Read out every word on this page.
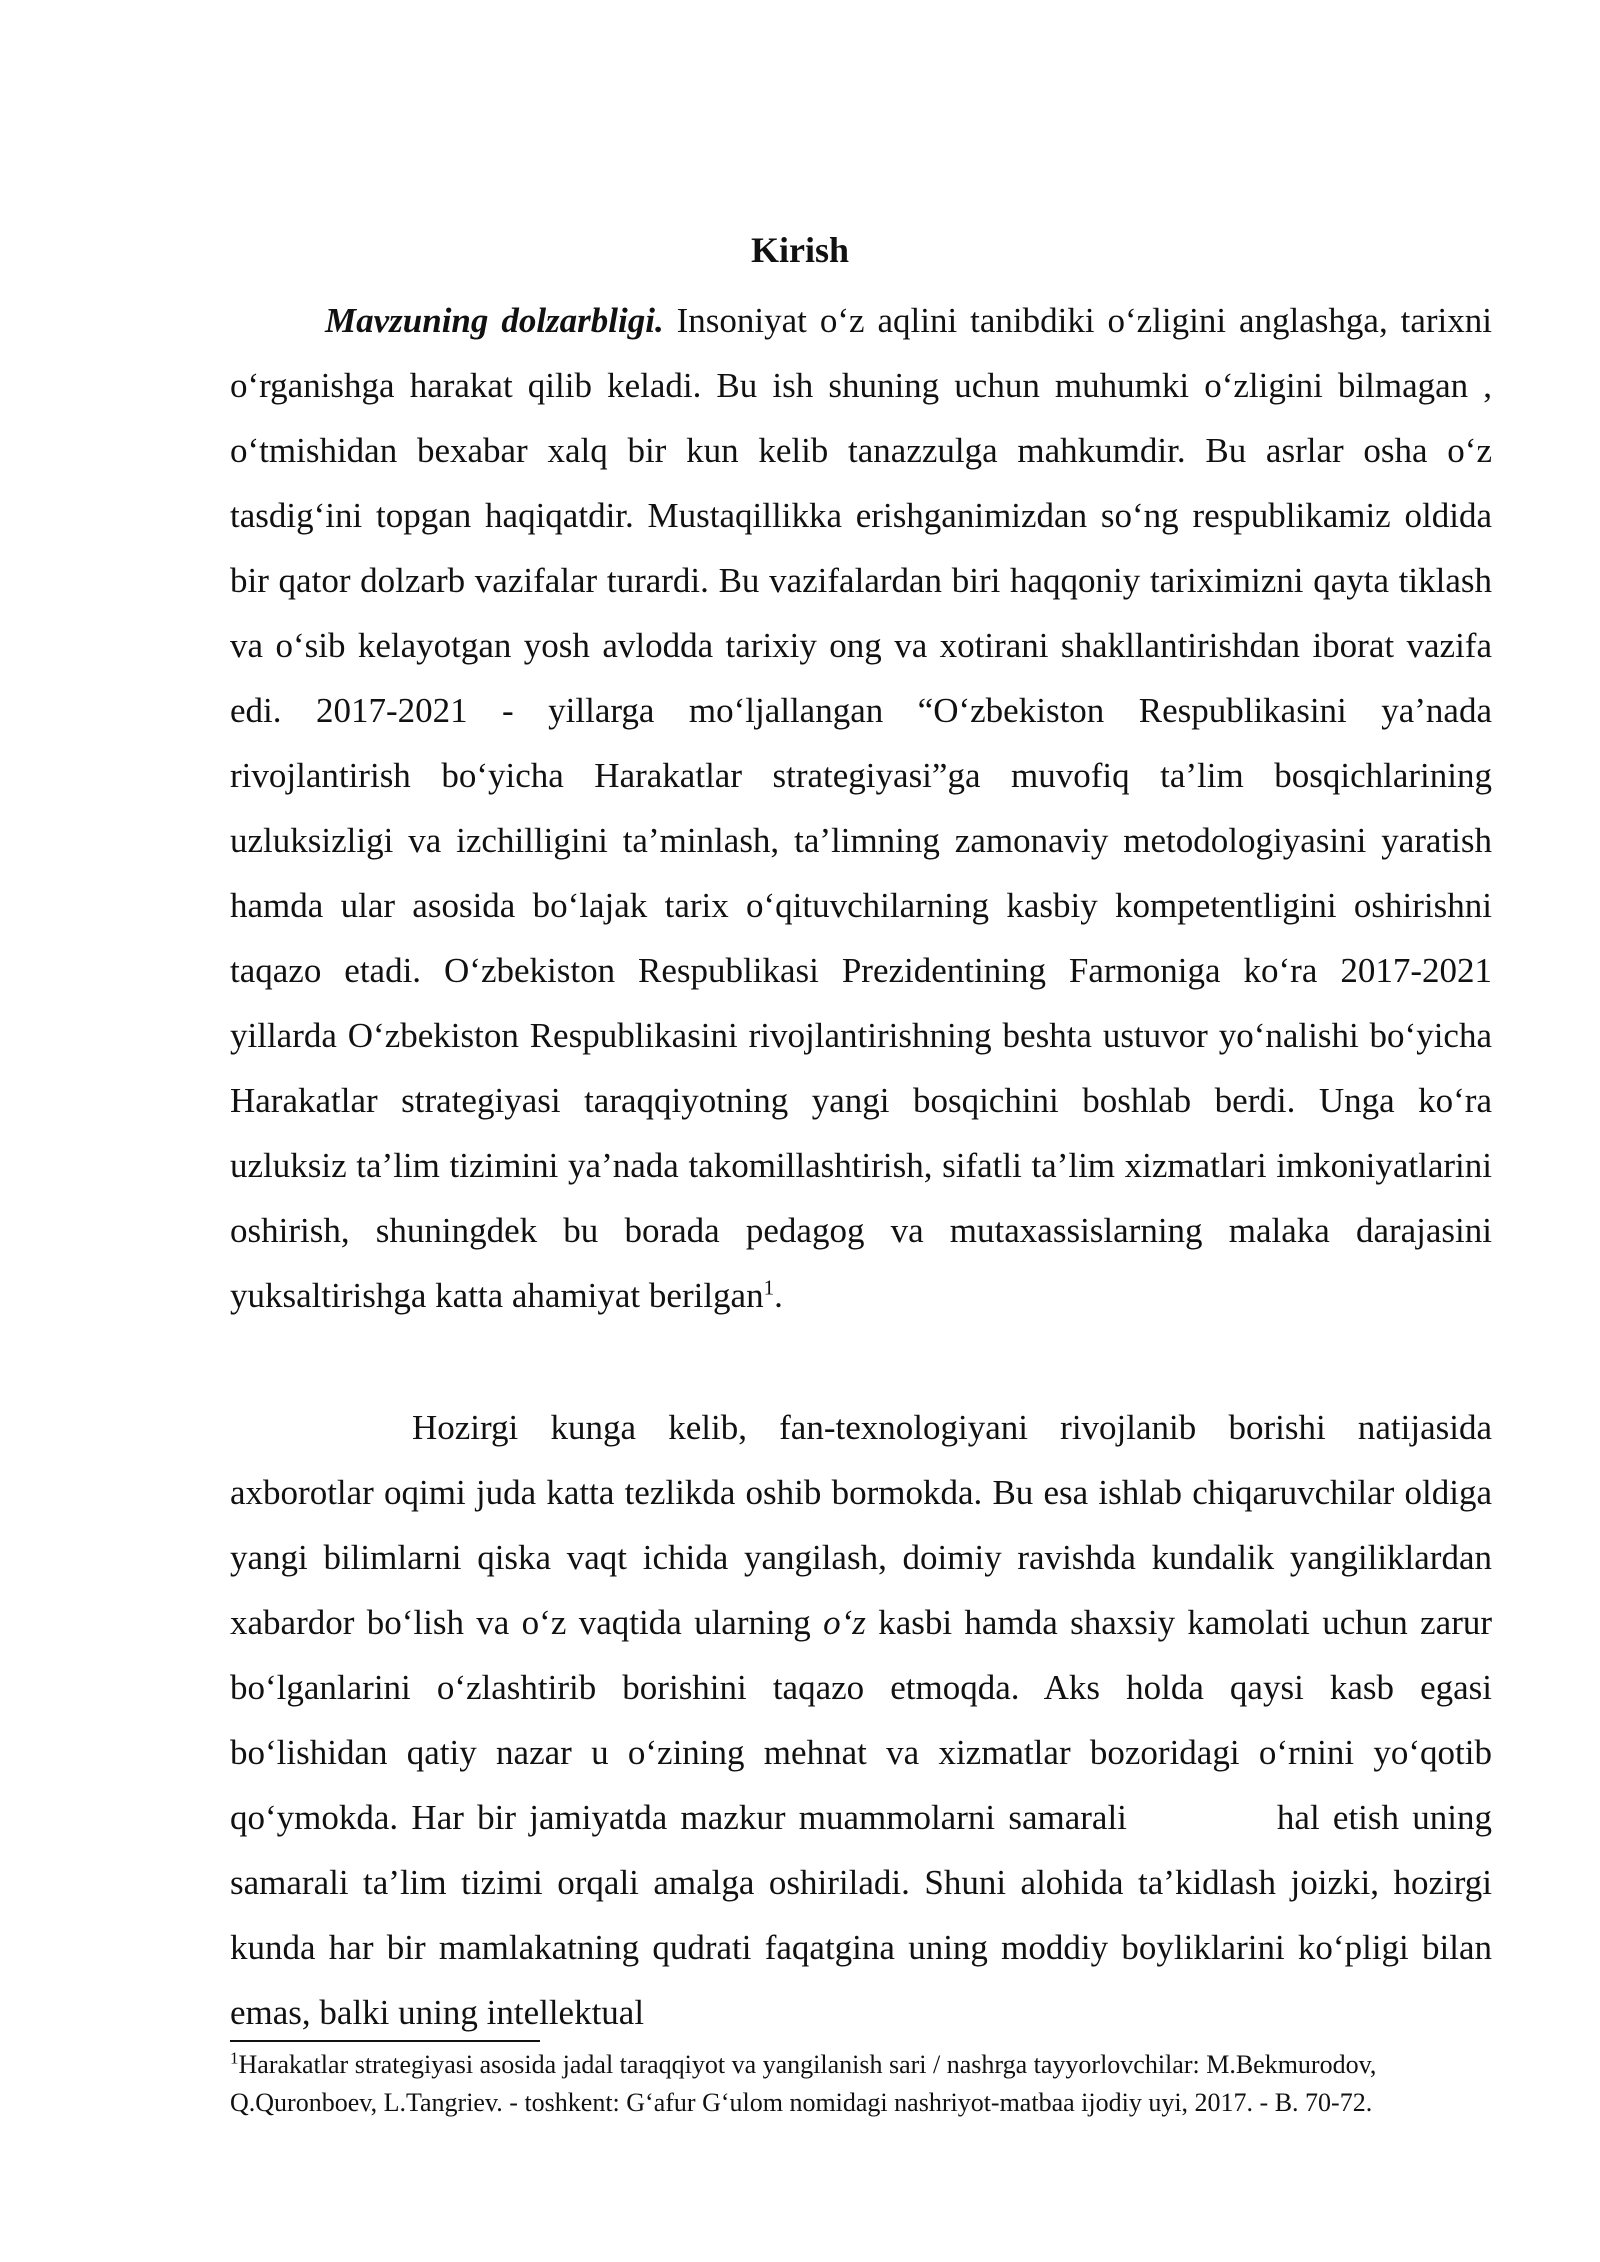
Kirish

Mavzuning dolzarbligi. Insoniyat o‘z aqlini tanibdiki o‘zligini anglashga, tarixni o‘rganishga harakat qilib keladi. Bu ish shuning uchun muhumki o‘zligini bilmagan , o‘tmishidan bexabar xalq bir kun kelib tanazzulga mahkumdir. Bu asrlar osha o‘z tasdig‘ini topgan haqiqatdir. Mustaqillikka erishganimizdan so‘ng respublikamiz oldida bir qator dolzarb vazifalar turardi. Bu vazifalardan biri haqqoniy tariximizni qayta tiklash va o‘sib kelayotgan yosh avlodda tarixiy ong va xotirani shakllantirishdan iborat vazifa edi. 2017-2021 - yillarga mo‘ljallangan “O‘zbekiston Respublikasini ya’nada rivojlantirish bo‘yicha Harakatlar strategiyasi”ga muvofiq ta’lim bosqichlarining uzluksizligi va izchilligini ta’minlash, ta’limning zamonaviy metodologiyasini yaratish hamda ular asosida bo‘lajak tarix o‘qituvchilarning kasbiy kompetentligini oshirishni taqazo etadi. O‘zbekiston Respublikasi Prezidentining Farmoniga ko‘ra 2017-2021 yillarda O‘zbekiston Respublikasini rivojlantirishning beshta ustuvor yo‘nalishi bo‘yicha Harakatlar strategiyasi taraqqiyotning yangi bosqichini boshlab berdi. Unga ko‘ra uzluksiz ta’lim tizimini ya’nada takomillashtirish, sifatli ta’lim xizmatlari imkoniyatlarini oshirish, shuningdek bu borada pedagog va mutaxassislarning malaka darajasini yuksaltirishga katta ahamiyat berilgan$^1$.

Hozirgi kunga kelib, fan-texnologiyani rivojlanib borishi natijasida axborotlar oqimi juda katta tezlikda oshib bormokda. Bu esa ishlab chiqaruvchilar oldiga yangi bilimlarni qiska vaqt ichida yangilash, doimiy ravishda kundalik yangiliklardan xabardor bo‘lish va o‘z vaqtida ularning o‘z kasbi hamda shaxsiy kamolati uchun zarur bo‘lganlarini o‘zlashtirib borishini taqazo etmoqda. Aks holda qaysi kasb egasi bo‘lishidan qatiy nazar u o‘zining mehnat va xizmatlar bozoridagi o‘rnini yo‘qotib qo‘ymokda. Har bir jamiyatda mazkur muammolarni samarali	hal etish uning samarali ta’lim tizimi orqali amalga oshiriladi. Shuni alohida ta’kidlash joizki, hozirgi kunda har bir mamlakatning qudrati faqatgina uning moddiy boyliklarini ko‘pligi bilan emas, balki uning intellektual

$^1$Harakatlar strategiyasi asosida jadal taraqqiyot va yangilanish sari / nashrga tayyorlovchilar: M.Bekmurodov,
Q.Quronboev, L.Tangriev. - toshkent: G‘afur G‘ulom nomidagi nashriyot-matbaa ijodiy uyi, 2017. - B. 70-72.
